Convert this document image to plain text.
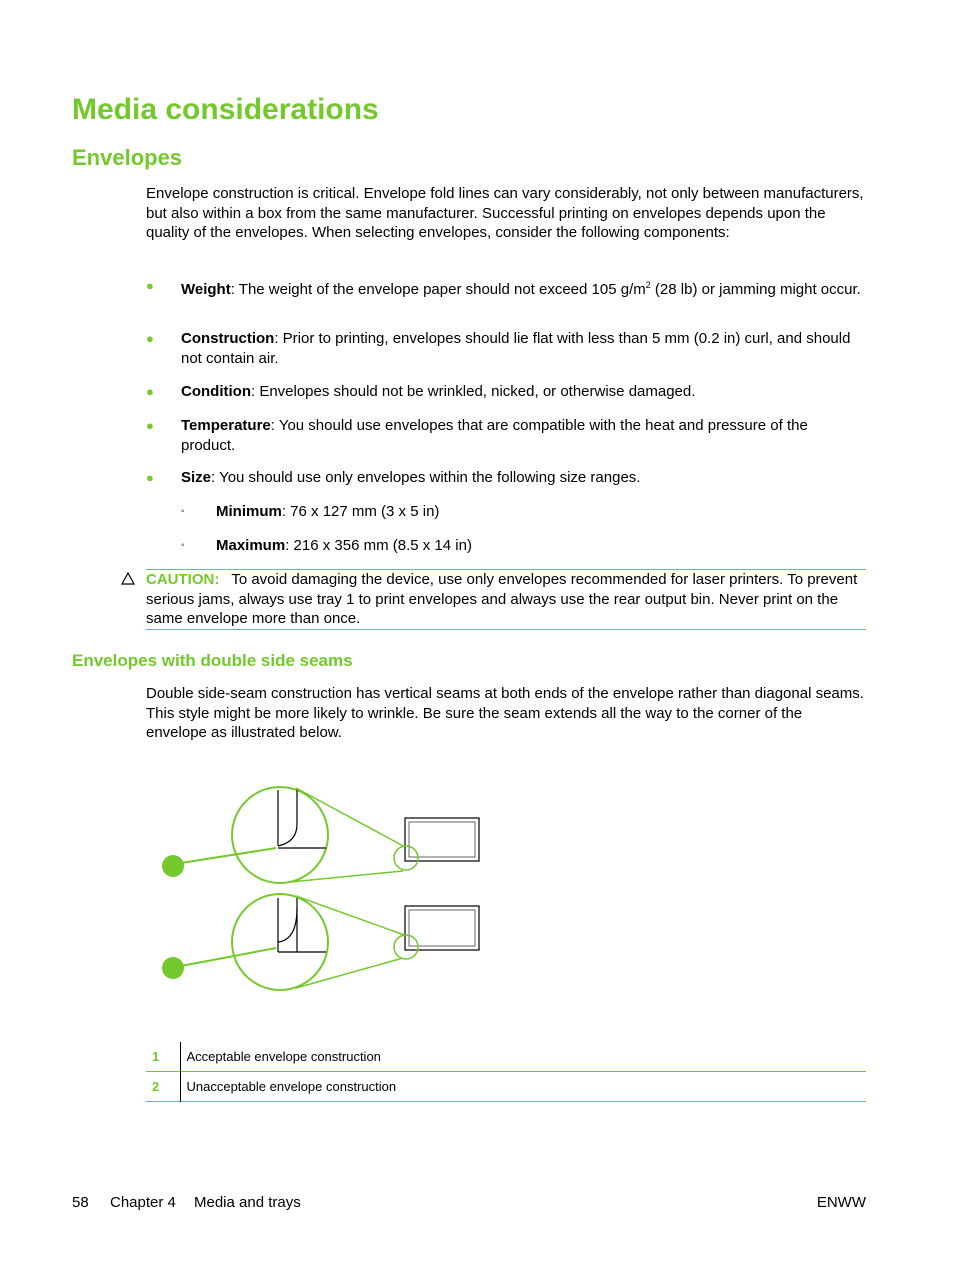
Media considerations
Envelopes

Envelope construction is critical. Envelope fold lines can vary considerably, not only between manufacturers, but also within a box from the same manufacturer. Successful printing on envelopes depends upon the quality of the envelopes. When selecting envelopes, consider the following components:

● Weight: The weight of the envelope paper should not exceed 105 $g/m^2$ (28 lb) or jamming might occur.
● Construction: Prior to printing, envelopes should lie flat with less than 5 mm (0.2 in) curl, and should not contain air.
● Condition: Envelopes should not be wrinkled, nicked, or otherwise damaged.
● Temperature: You should use envelopes that are compatible with the heat and pressure of the product.
● Size: You should use only envelopes within the following size ranges.
◦ Minimum: 76 x 127 mm (3 x 5 in)
◦ Maximum: 216 x 356 mm (8.5 x 14 in)
CAUTION: To avoid damaging the device, use only envelopes recommended for laser printers. To prevent serious jams, always use tray 1 to print envelopes and always use the rear output bin. Never print on the same envelope more than once.
Envelopes with double side seams

Double side-seam construction has vertical seams at both ends of the envelope rather than diagonal seams. This style might be more likely to wrinkle. Be sure the seam extends all the way to the corner of the envelope as illustrated below.

1	Acceptable envelope construction
2	Unacceptable envelope construction
58 Chapter 4 Media and trays	ENWW
